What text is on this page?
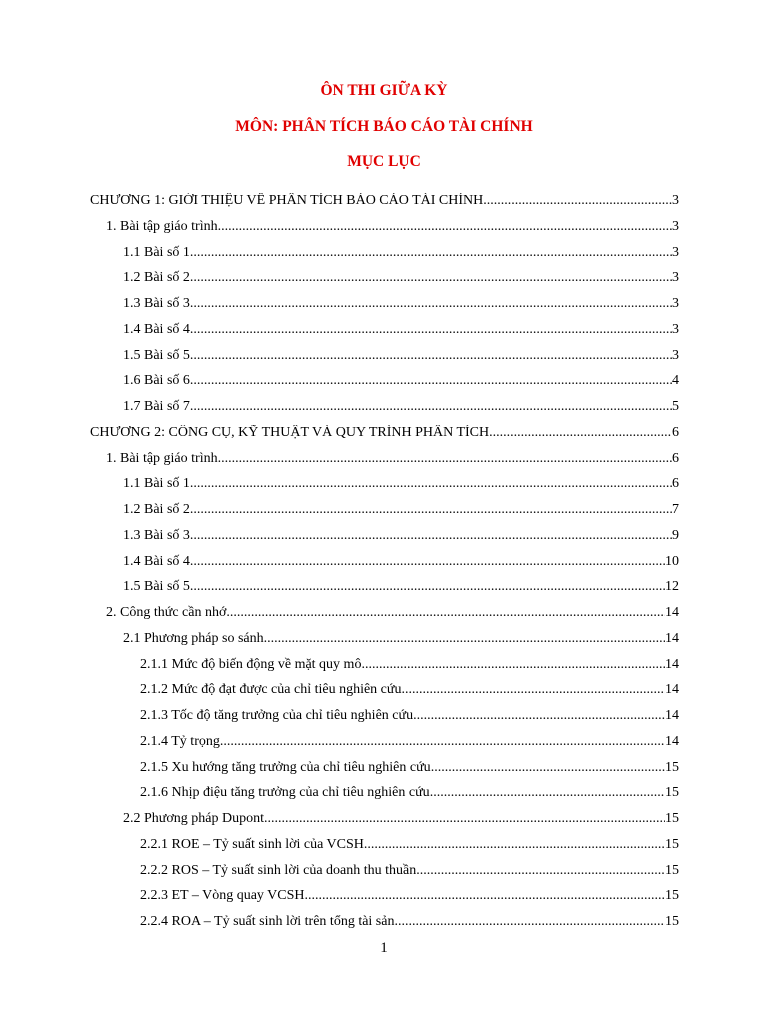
ÔN THI GIỮA KỲ
MÔN: PHÂN TÍCH BÁO CÁO TÀI CHÍNH
MỤC LỤC
CHƯƠNG 1: GIỚI THIỆU VỀ PHÂN TÍCH BÁO CÁO TÀI CHÍNH .....	3
1. Bài tập giáo trình .....	3
1.1 Bài số 1 .....	3
1.2 Bài số 2 .....	3
1.3 Bài số 3 .....	3
1.4 Bài số 4 .....	3
1.5 Bài số 5 .....	3
1.6 Bài số 6 .....	4
1.7 Bài số 7 .....	5
CHƯƠNG 2: CÔNG CỤ, KỸ THUẬT VÀ QUY TRÌNH PHÂN TÍCH .....	6
1. Bài tập giáo trình .....	6
1.1 Bài số 1 .....	6
1.2 Bài số 2 .....	7
1.3 Bài số 3 .....	9
1.4 Bài số 4 .....	10
1.5 Bài số 5 .....	12
2. Công thức cần nhớ .....	14
2.1 Phương pháp so sánh .....	14
2.1.1 Mức độ biến động về mặt quy mô .....	14
2.1.2 Mức độ đạt được của chỉ tiêu nghiên cứu .....	14
2.1.3 Tốc độ tăng trưởng của chỉ tiêu nghiên cứu .....	14
2.1.4 Tỷ trọng .....	14
2.1.5 Xu hướng tăng trưởng của chỉ tiêu nghiên cứu .....	15
2.1.6 Nhịp điệu tăng trưởng của chỉ tiêu nghiên cứu .....	15
2.2 Phương pháp Dupont .....	15
2.2.1 ROE – Tỷ suất sinh lời của VCSH .....	15
2.2.2 ROS – Tỷ suất sinh lời của doanh thu thuần .....	15
2.2.3 ET – Vòng quay VCSH .....	15
2.2.4 ROA – Tỷ suất sinh lời trên tổng tài sản .....	15
1
